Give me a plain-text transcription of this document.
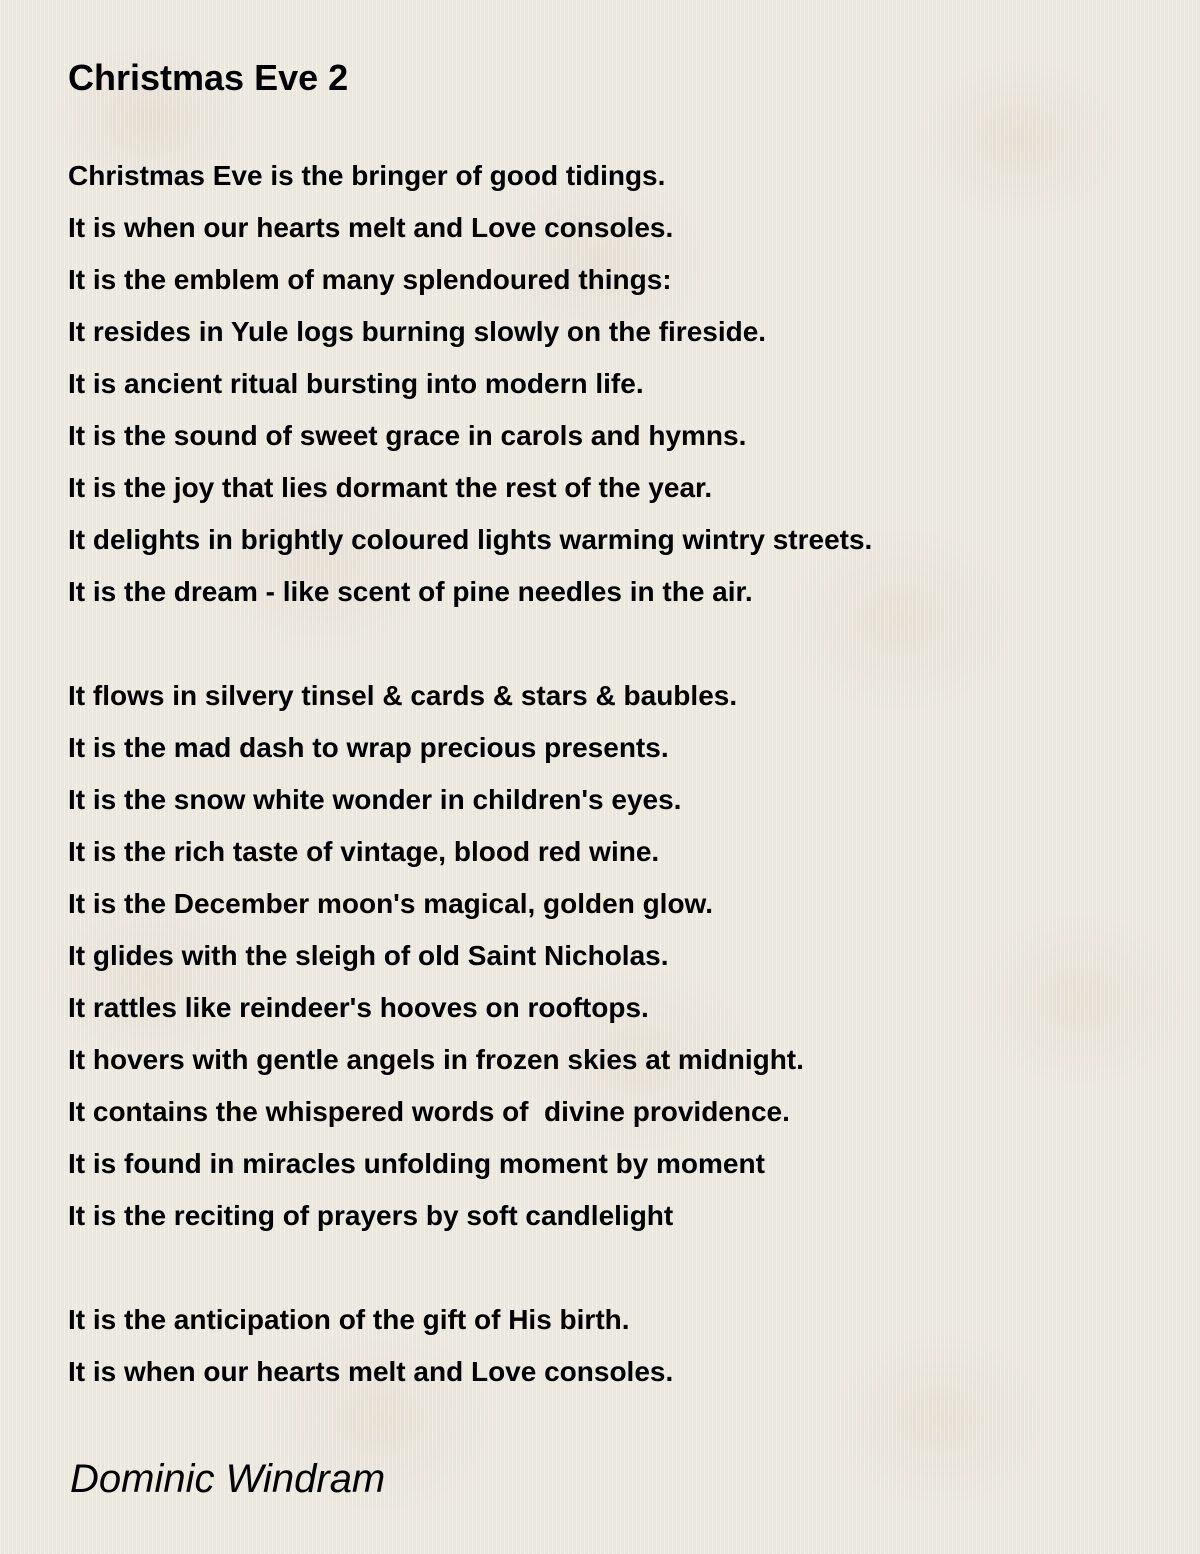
Christmas Eve 2
Christmas Eve is the bringer of good tidings.
It is when our hearts melt and Love consoles.
It is the emblem of many splendoured things:
It resides in Yule logs burning slowly on the fireside.
It is ancient ritual bursting into modern life.
It is the sound of sweet grace in carols and hymns.
It is the joy that lies dormant the rest of the year.
It delights in brightly coloured lights warming wintry streets.
It is the dream - like scent of pine needles in the air.
It flows in silvery tinsel & cards & stars & baubles.
It is the mad dash to wrap precious presents.
It is the snow white wonder in children's eyes.
It is the rich taste of vintage, blood red wine.
It is the December moon's magical, golden glow.
It glides with the sleigh of old Saint Nicholas.
It rattles like reindeer's hooves on rooftops.
It hovers with gentle angels in frozen skies at midnight.
It contains the whispered words of  divine providence.
It is found in miracles unfolding moment by moment
It is the reciting of prayers by soft candlelight
It is the anticipation of the gift of His birth.
It is when our hearts melt and Love consoles.
Dominic Windram
